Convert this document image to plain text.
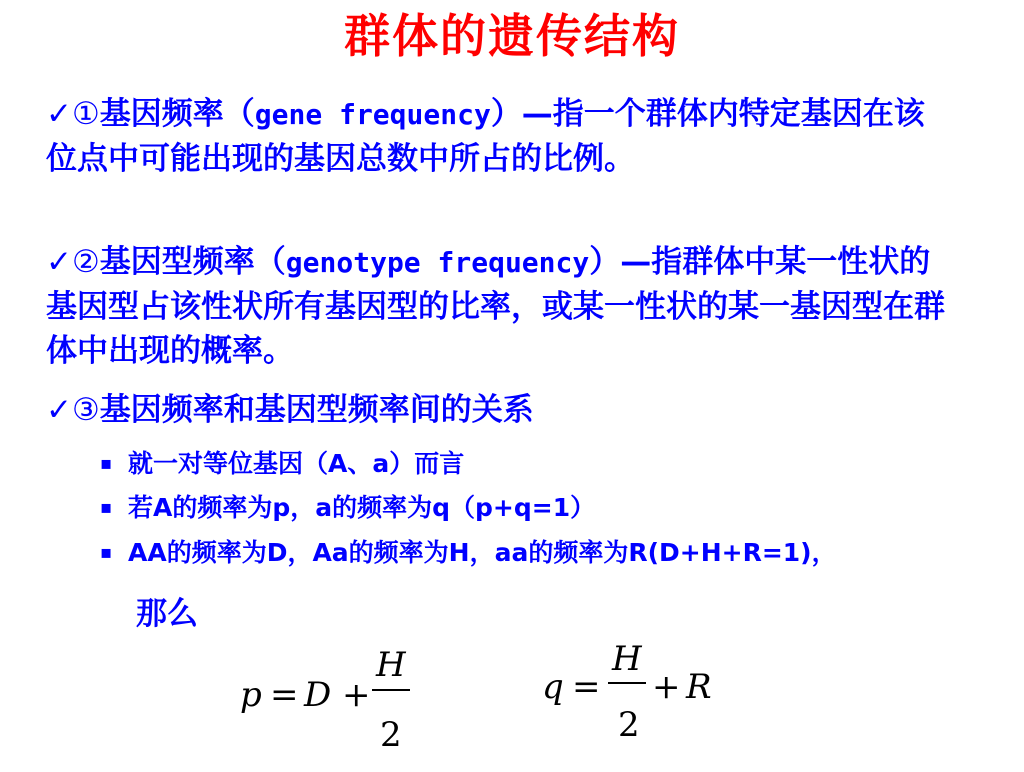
群体的遗传结构
✓①基因频率（gene frequency）—指一个群体内特定基因在该位点中可能出现的基因总数中所占的比例。
✓②基因型频率（genotype frequency）—指群体中某一性状的基因型占该性状所有基因型的比率，或某一性状的某一基因型在群体中出现的概率。
✓③基因频率和基因型频率间的关系
▪ 就一对等位基因（A、a）而言
▪ 若A的频率为p，a的频率为q（p+q=1）
▪ AA的频率为D，Aa的频率为H，aa的频率为R(D+H+R=1)，
那么
p = D +
H
2
q =
H
2
+ R
